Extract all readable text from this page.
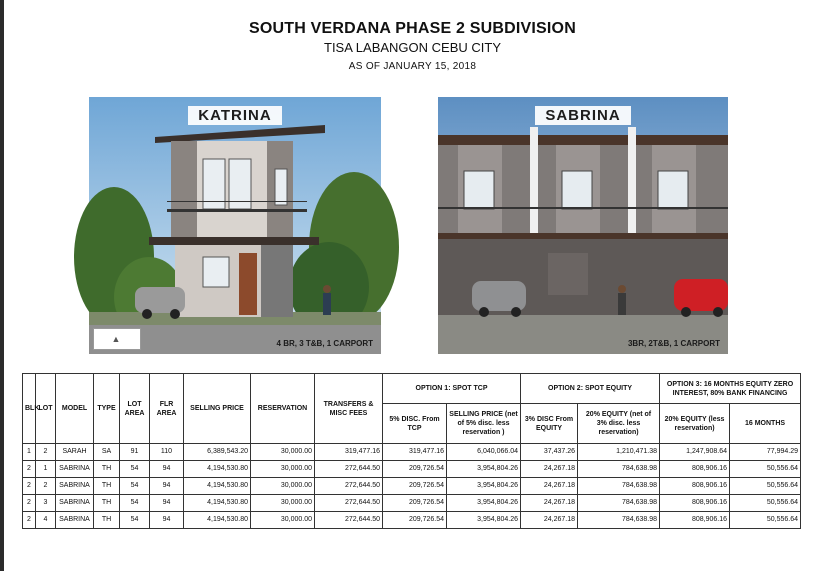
SOUTH VERDANA PHASE 2 SUBDIVISION
TISA LABANGON CEBU CITY
AS OF JANUARY 15, 2018
KATRINA
▲	4 BR, 3 T&B, 1 CARPORT
SABRINA
3BR, 2T&B, 1 CARPORT
BLK	LOT	MODEL	TYPE	LOT AREA	FLR AREA	SELLING PRICE	RESERVATION	TRANSFERS & MISC FEES	OPTION 1: SPOT TCP		OPTION 2: SPOT EQUITY		OPTION 3: 16 MONTHS EQUITY ZERO INTEREST, 80% BANK FINANCING	
									5% DISC. From TCP	SELLING PRICE (net of 5% disc. less reservation )	3% DISC From EQUITY	20% EQUITY (net of 3% disc. less reservation)	20% EQUITY (less reservation)	16 MONTHS
1	2	SARAH	SA	91	110	6,389,543.20	30,000.00	319,477.16	319,477.16	6,040,066.04	37,437.26	1,210,471.38	1,247,908.64	77,994.29
2	1	SABRINA	TH	54	94	4,194,530.80	30,000.00	272,644.50	209,726.54	3,954,804.26	24,267.18	784,638.98	808,906.16	50,556.64
2	2	SABRINA	TH	54	94	4,194,530.80	30,000.00	272,644.50	209,726.54	3,954,804.26	24,267.18	784,638.98	808,906.16	50,556.64
2	3	SABRINA	TH	54	94	4,194,530.80	30,000.00	272,644.50	209,726.54	3,954,804.26	24,267.18	784,638.98	808,906.16	50,556.64
2	4	SABRINA	TH	54	94	4,194,530.80	30,000.00	272,644.50	209,726.54	3,954,804.26	24,267.18	784,638.98	808,906.16	50,556.64
